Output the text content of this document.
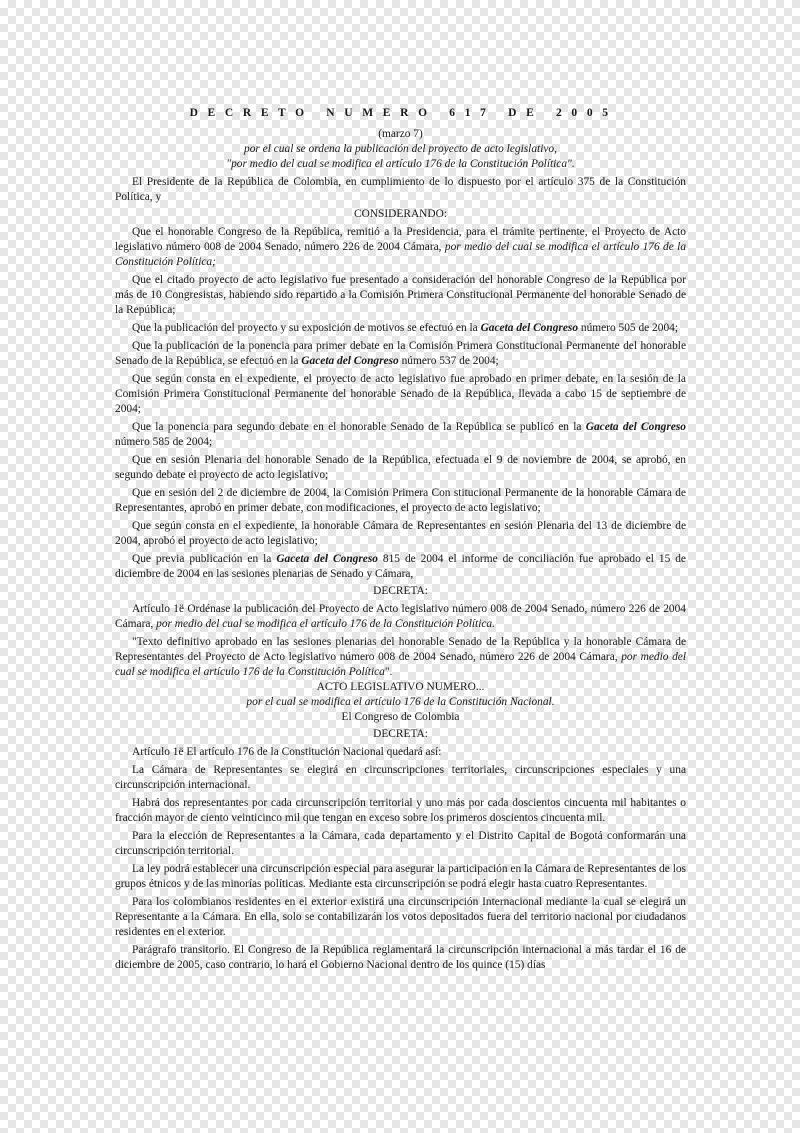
D E C R E T O   N U M E R O   6 1 7   D E   2 0 0 5
(marzo 7)
por el cual se ordena la publicación del proyecto de acto legislativo,
"por medio del cual se modifica el artículo 176 de la Constitución Política".
El Presidente de la República de Colombia, en cumplimiento de lo dispuesto por el artículo 375 de la Constitución Política, y
CONSIDERANDO:
Que el honorable Congreso de la República, remitió a la Presidencia, para el trámite pertinente, el Proyecto de Acto legislativo número 008 de 2004 Senado, número 226 de 2004 Cámara, por medio del cual se modifica el artículo 176 de la Constitución Política;
Que el citado proyecto de acto legislativo fue presentado a consideración del honorable Congreso de la República por más de 10 Congresistas, habiendo sido repartido a la Comisión Primera Constitucional Permanente del honorable Senado de la República;
Que la publicación del proyecto y su exposición de motivos se efectuó en la Gaceta del Congreso número 505 de 2004;
Que la publicación de la ponencia para primer debate en la Comisión Primera Constitucional Permanente del honorable Senado de la República, se efectuó en la Gaceta del Congreso número 537 de 2004;
Que según consta en el expediente, el proyecto de acto legislativo fue aprobado en primer debate, en la sesión de la Comisión Primera Constitucional Permanente del honorable Senado de la República, llevada a cabo 15 de septiembre de 2004;
Que la ponencia para segundo debate en el honorable Senado de la República se publicó en la Gaceta del Congreso número 585 de 2004;
Que en sesión Plenaria del honorable Senado de la República, efectuada el 9 de noviembre de 2004, se aprobó, en segundo debate el proyecto de acto legislativo;
Que en sesión del 2 de diciembre de 2004, la Comisión Primera Con stitucional Permanente de la honorable Cámara de Representantes, aprobó en primer debate, con modificaciones, el proyecto de acto legislativo;
Que según consta en el expediente, la honorable Cámara de Representantes en sesión Plenaria del 13 de diciembre de 2004, aprobó el proyecto de acto legislativo;
Que previa publicación en la Gaceta del Congreso 815 de 2004 el informe de conciliación fue aprobado el 15 de diciembre de 2004 en las sesiones plenarias de Senado y Cámara,
DECRETA:
Artículo 1ë Ordénase la publicación del Proyecto de Acto legislativo número 008 de 2004 Senado, número 226 de 2004 Cámara, por medio del cual se modifica el artículo 176 de la Constitución Política.
"Texto definitivo aprobado en las sesiones plenarias del honorable Senado de la República y la honorable Cámara de Representantes del Proyecto de Acto legislativo número 008 de 2004 Senado, número 226 de 2004 Cámara, por medio del cual se modifica el artículo 176 de la Constitución Política".
ACTO LEGISLATIVO NUMERO...
por el cual se modifica el artículo 176 de la Constitución Nacional.
El Congreso de Colombia
DECRETA:
Artículo 1ë El artículo 176 de la Constitución Nacional quedará así:
La Cámara de Representantes se elegirá en circunscripciones territoriales, circunscripciones especiales y una circunscripción internacional.
Habrá dos representantes por cada circunscripción territorial y uno más por cada doscientos cincuenta mil habitantes o fracción mayor de ciento veinticinco mil que tengan en exceso sobre los primeros doscientos cincuenta mil.
Para la elección de Representantes a la Cámara, cada departamento y el Distrito Capital de Bogotá conformarán una circunscripción territorial.
La ley podrá establecer una circunscripción especial para asegurar la participación en la Cámara de Representantes de los grupos étnicos y de las minorías políticas. Mediante esta circunscripción se podrá elegir hasta cuatro Representantes.
Para los colombianos residentes en el exterior existirá una circunscripción Internacional mediante la cual se elegirá un Representante a la Cámara. En ella, solo se contabilizarán los votos depositados fuera del territorio nacional por ciudadanos residentes en el exterior.
Parágrafo transitorio. El Congreso de la República reglamentará la circunscripción internacional a más tardar el 16 de diciembre de 2005, caso contrario, lo hará el Gobierno Nacional dentro de los quince (15) días
